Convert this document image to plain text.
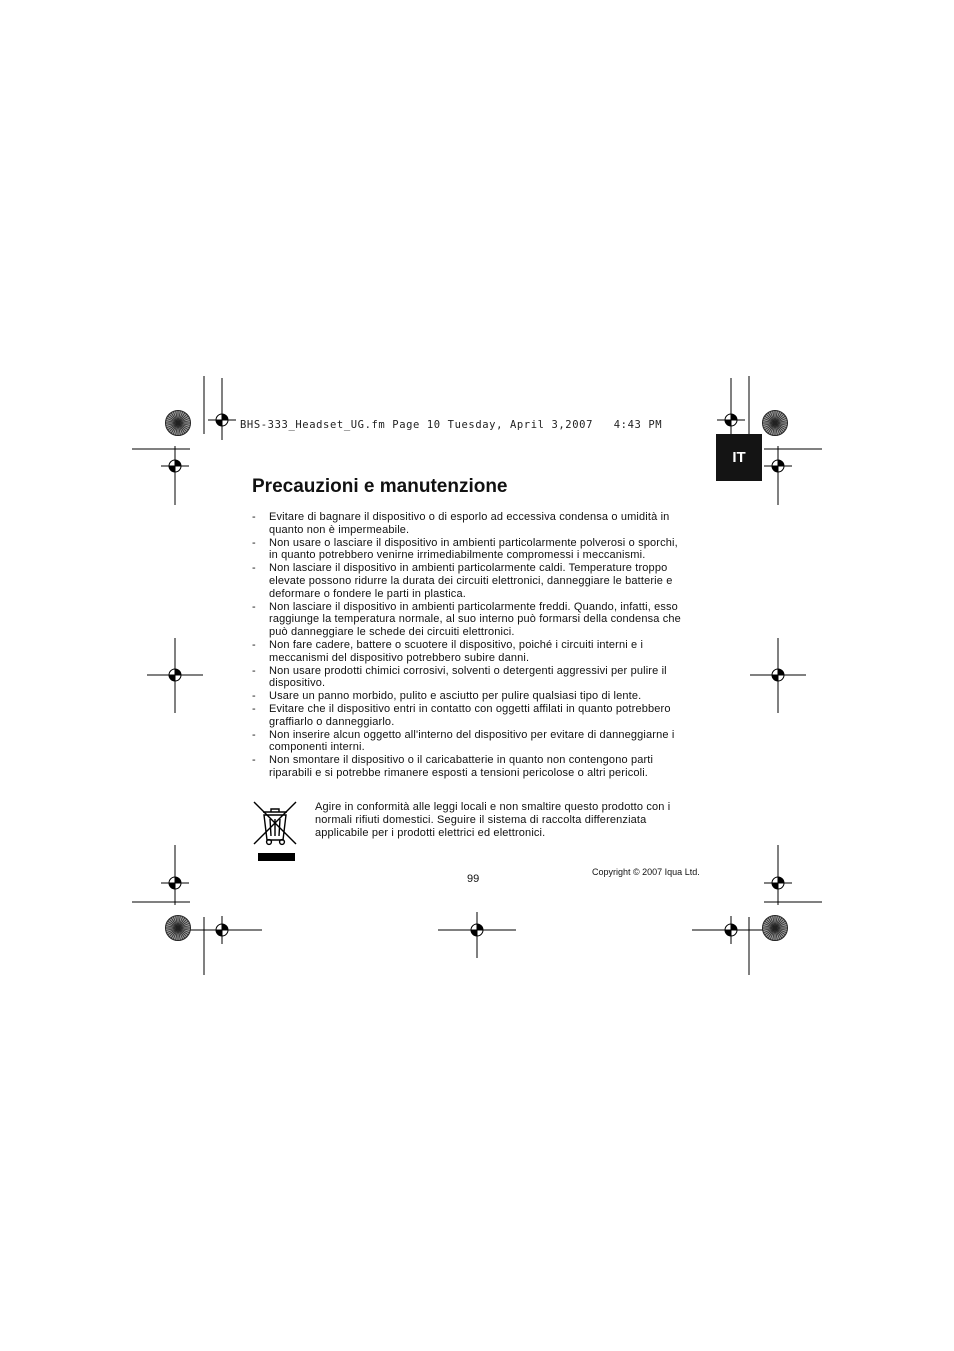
BHS-333_Headset_UG.fm Page 10 Tuesday, April 3,2007   4:43 PM
IT
Precauzioni e manutenzione
- Evitare di bagnare il dispositivo o di esporlo ad eccessiva condensa o umidità in
quanto non è impermeabile.
- Non usare o lasciare il dispositivo in ambienti particolarmente polverosi o sporchi,
in quanto potrebbero venirne irrimediabilmente compromessi i meccanismi.
- Non lasciare il dispositivo in ambienti particolarmente caldi. Temperature troppo
elevate possono ridurre la durata dei circuiti elettronici, danneggiare le batterie e
deformare o fondere le parti in plastica.
- Non lasciare il dispositivo in ambienti particolarmente freddi. Quando, infatti, esso
raggiunge la temperatura normale, al suo interno può formarsi della condensa che
può danneggiare le schede dei circuiti elettronici.
- Non fare cadere, battere o scuotere il dispositivo, poiché i circuiti interni e i
meccanismi del dispositivo potrebbero subire danni.
- Non usare prodotti chimici corrosivi, solventi o detergenti aggressivi per pulire il
dispositivo.
- Usare un panno morbido, pulito e asciutto per pulire qualsiasi tipo di lente.
- Evitare che il dispositivo entri in contatto con oggetti affilati in quanto potrebbero
graffiarlo o danneggiarlo.
- Non inserire alcun oggetto all'interno del dispositivo per evitare di danneggiarne i
componenti interni.
- Non smontare il dispositivo o il caricabatterie in quanto non contengono parti
riparabili e si potrebbe rimanere esposti a tensioni pericolose o altri pericoli.
Agire in conformità alle leggi locali e non smaltire questo prodotto con i
normali rifiuti domestici. Seguire il sistema di raccolta differenziata
applicabile per i prodotti elettrici ed elettronici.
99
Copyright © 2007 Iqua Ltd.
